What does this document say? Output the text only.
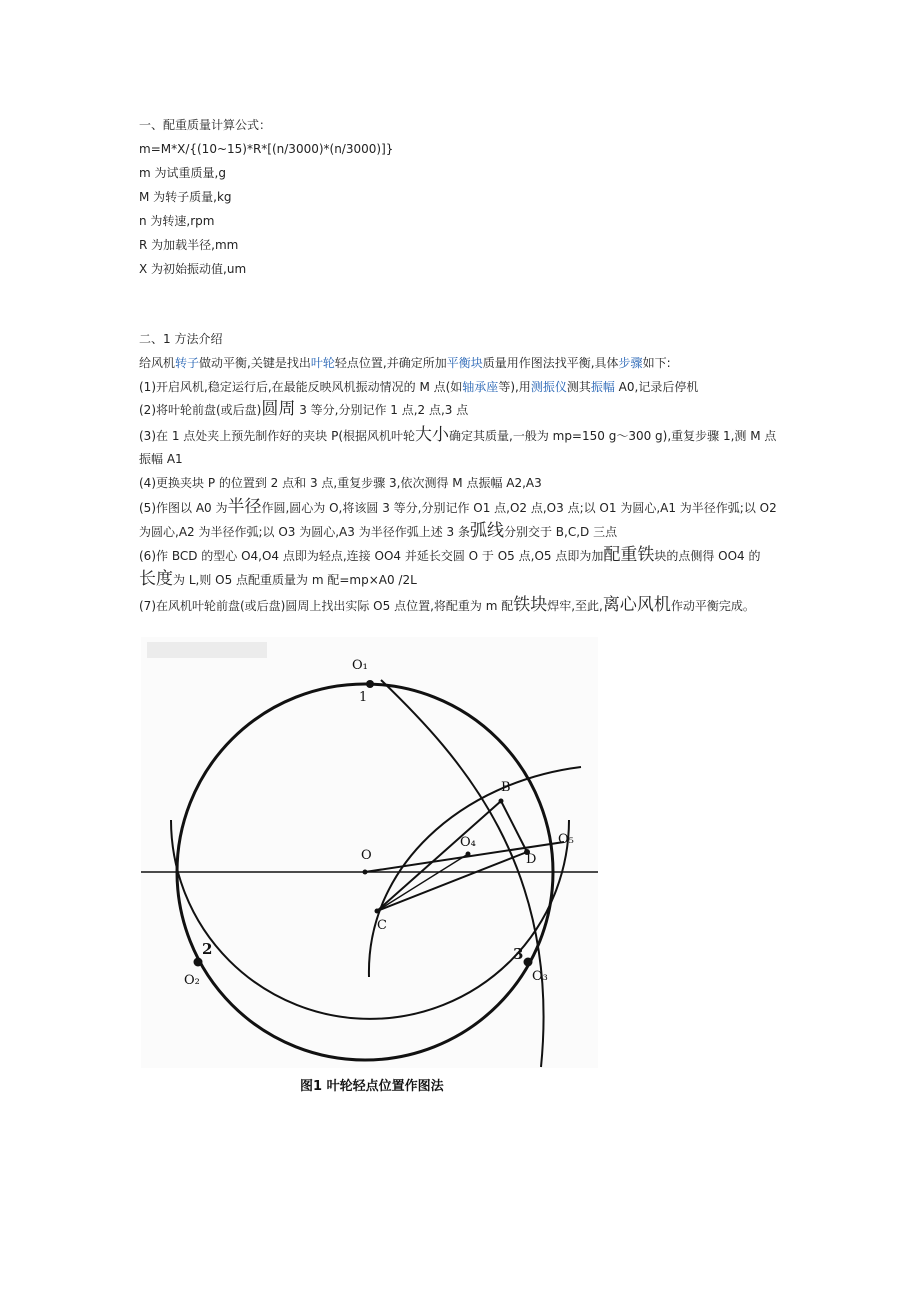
一、配重质量计算公式：
m=M*X/{(10~15)*R*[(n/3000)*(n/3000)]}
m 为试重质量,g
M 为转子质量,kg
n 为转速,rpm
R 为加载半径,mm
X 为初始振动值,um
二、1 方法介绍
给风机转子做动平衡,关键是找出叶轮轻点位置,并确定所加平衡块质量用作图法找平衡,具体步骤如下:
(1)开启风机,稳定运行后,在最能反映风机振动情况的 M 点(如轴承座等),用测振仪测其振幅 A0,记录后停机
(2)将叶轮前盘(或后盘)圆周 3 等分,分别记作 1 点,2 点,3 点
(3)在 1 点处夹上预先制作好的夹块 P(根据风机叶轮大小确定其质量,一般为 mp=150 g～300 g),重复步骤 1,测 M 点
振幅 A1
(4)更换夹块 P 的位置到 2 点和 3 点,重复步骤 3,依次测得 M 点振幅 A2,A3
(5)作图以 A0 为半径作圆,圆心为 O,将该圆 3 等分,分别记作 O1 点,O2 点,O3 点;以 O1 为圆心,A1 为半径作弧;以 O2
为圆心,A2 为半径作弧;以 O3 为圆心,A3 为半径作弧上述 3 条弧线分别交于 B,C,D 三点
(6)作 BCD 的型心 O4,O4 点即为轻点,连接 OO4 并延长交圆 O 于 O5 点,O5 点即为加配重铁块的点侧得 OO4 的
长度为 L,则 O5 点配重质量为 m 配=mp×A0 /2L
(7)在风机叶轮前盘(或后盘)圆周上找出实际 O5 点位置,将配重为 m 配铁块焊牢,至此,离心风机作动平衡完成。
O₁
1
B
O₄	O₅
O	D
C
2
O₂
3
O₃
图1 叶轮轻点位置作图法
